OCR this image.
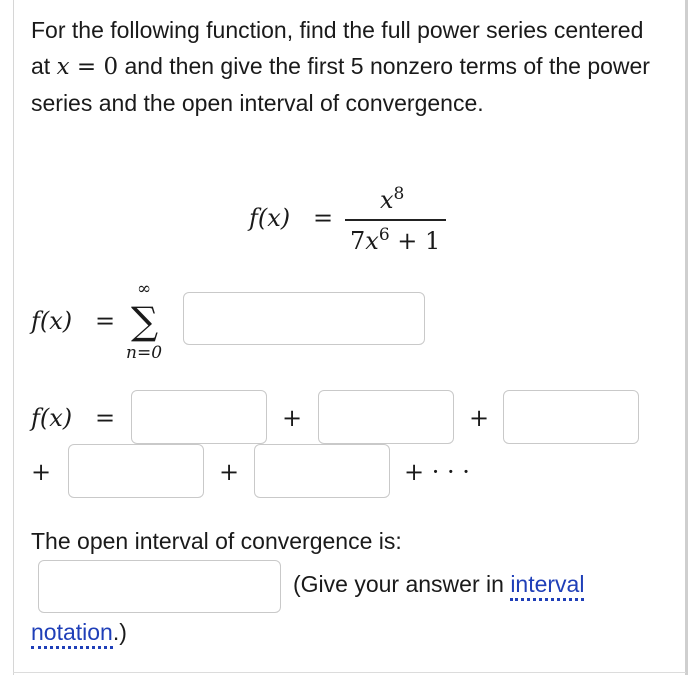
For the following function, find the full power series centered at x = 0 and then give the first 5 nonzero terms of the power series and the open interval of convergence.
f(x) =
$x^8$
$7x^6 + 1$
f(x) =
∞
∑
n=0
f(x) =	+	+
+	+	+ · · ·
The open interval of convergence is:
(Give your answer in interval
notation.)
